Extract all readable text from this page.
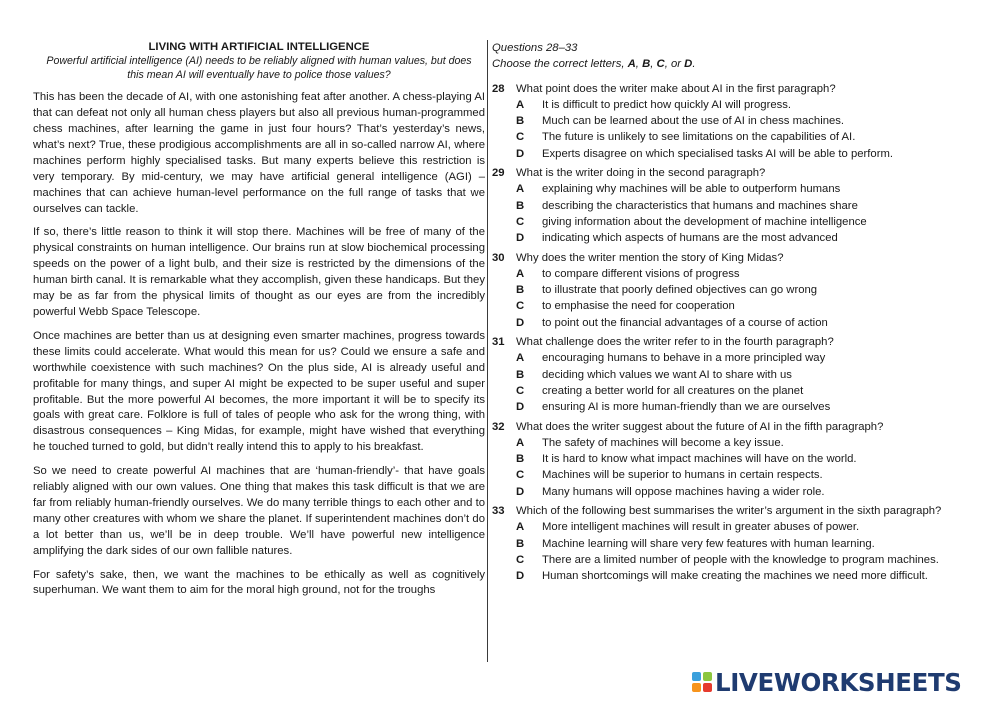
LIVING WITH ARTIFICIAL INTELLIGENCE
Powerful artificial intelligence (AI) needs to be reliably aligned with human values, but does this mean AI will eventually have to police those values?

This has been the decade of AI, with one astonishing feat after another. A chess-playing AI that can defeat not only all human chess players but also all previous human-programmed chess machines, after learning the game in just four hours? That’s yesterday’s news, what’s next? True, these prodigious accomplishments are all in so-called narrow AI, where machines perform highly specialised tasks. But many experts believe this restriction is very temporary. By mid-century, we may have artificial general intelligence (AGI) – machines that can achieve human-level performance on the full range of tasks that we ourselves can tackle.

If so, there’s little reason to think it will stop there. Machines will be free of many of the physical constraints on human intelligence. Our brains run at slow biochemical processing speeds on the power of a light bulb, and their size is restricted by the dimensions of the human birth canal. It is remarkable what they accomplish, given these handicaps. But they may be as far from the physical limits of thought as our eyes are from the incredibly powerful Webb Space Telescope.

Once machines are better than us at designing even smarter machines, progress towards these limits could accelerate. What would this mean for us? Could we ensure a safe and worthwhile coexistence with such machines? On the plus side, AI is already useful and profitable for many things, and super AI might be expected to be super useful and super profitable. But the more powerful AI becomes, the more important it will be to specify its goals with great care. Folklore is full of tales of people who ask for the wrong thing, with disastrous consequences – King Midas, for example, might have wished that everything he touched turned to gold, but didn’t really intend this to apply to his breakfast.

So we need to create powerful AI machines that are ‘human-friendly’- that have goals reliably aligned with our own values. One thing that makes this task difficult is that we are far from reliably human-friendly ourselves. We do many terrible things to each other and to many other creatures with whom we share the planet. If superintendent machines don’t do a lot better than us, we’ll be in deep trouble. We’ll have powerful new intelligence amplifying the dark sides of our own fallible natures.

For safety’s sake, then, we want the machines to be ethically as well as cognitively superhuman. We want them to aim for the moral high ground, not for the troughs

Questions 28–33
Choose the correct letters, A, B, C, or D.
28	What point does the writer make about AI in the first paragraph?
A	It is difficult to predict how quickly AI will progress.
B	Much can be learned about the use of AI in chess machines.
C	The future is unlikely to see limitations on the capabilities of AI.
D	Experts disagree on which specialised tasks AI will be able to perform.
29	What is the writer doing in the second paragraph?
A	explaining why machines will be able to outperform humans
B	describing the characteristics that humans and machines share
C	giving information about the development of machine intelligence
D	indicating which aspects of humans are the most advanced
30	Why does the writer mention the story of King Midas?
A	to compare different visions of progress
B	to illustrate that poorly defined objectives can go wrong
C	to emphasise the need for cooperation
D	to point out the financial advantages of a course of action
31	What challenge does the writer refer to in the fourth paragraph?
A	encouraging humans to behave in a more principled way
B	deciding which values we want AI to share with us
C	creating a better world for all creatures on the planet
D	ensuring AI is more human-friendly than we are ourselves
32	What does the writer suggest about the future of AI in the fifth paragraph?
A	The safety of machines will become a key issue.
B	It is hard to know what impact machines will have on the world.
C	Machines will be superior to humans in certain respects.
D	Many humans will oppose machines having a wider role.
33	Which of the following best summarises the writer’s argument in the sixth paragraph?
A	More intelligent machines will result in greater abuses of power.
B	Machine learning will share very few features with human learning.
C	There are a limited number of people with the knowledge to program machines.
D	Human shortcomings will make creating the machines we need more difficult.
LIVEWORKSHEETS
